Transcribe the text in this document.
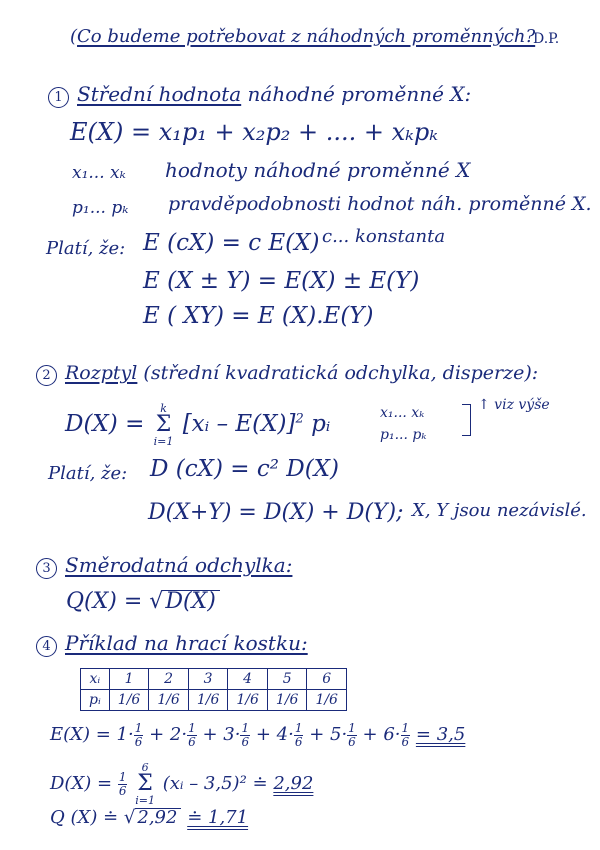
(Co budeme potřebovat z náhodných proměnných?
D.P.
1 Střední hodnota náhodné proměnné X:
E(X) = x₁p₁ + x₂p₂ + .... + xₖpₖ
x₁... xₖ hodnoty náhodné proměnné X
p₁... pₖ pravděpodobnosti hodnot náh. proměnné X.
Platí, že: E (cX) = c E(X) c... konstanta
E (X ± Y) = E(X) ± E(Y)
E ( XY) = E (X).E(Y)
2 Rozptyl (střední kvadratická odchylka, disperze):
D(X) = k
Σ
i=1 [xᵢ – E(X)]$^2$ pᵢ	x₁... xₖ
p₁... pₖ
↑ viz výše
Platí, že: D (cX) = c² D(X)
D(X+Y) = D(X) + D(Y); X, Y jsou nezávislé.
3 Směrodatná odchylka:
Q(X) = √D(X)
4 Příklad na hrací kostku:
xᵢ	1	2	3	4	5	6
pᵢ	1/6	1/6	1/6	1/6	1/6	1/6
$E(X) = 1\cdot \frac{1}{6} + 2\cdot \frac{1}{6} + 3\cdot \frac{1}{6} + 4\cdot \frac{1}{6} + 5\cdot \frac{1}{6} + 6\cdot \frac{1}{6} = 3,5$
$D(X) = \frac{1}{6}$
6
Σ
i=1 (xᵢ – 3,5)² ≐ 2,92
Q (X) ≐ √ 2,92 ≐ 1,71
